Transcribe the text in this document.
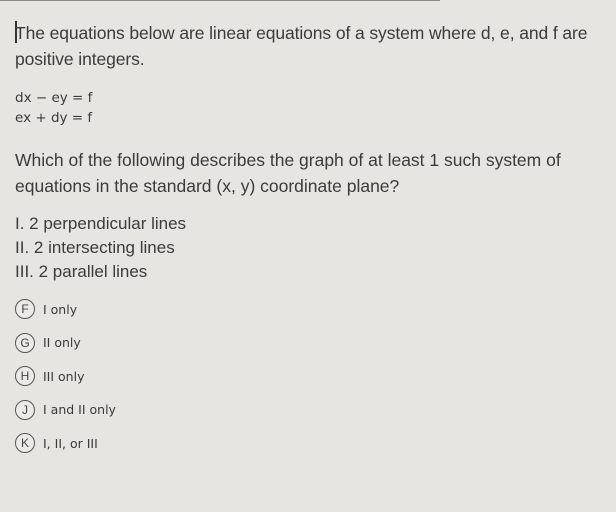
The equations below are linear equations of a system where d, e, and f are positive integers.

dx − ey = f

ex + dy = f

Which of the following describes the graph of at least 1 such system of equations in the standard (x, y) coordinate plane?

I. 2 perpendicular lines
II. 2 intersecting lines
III. 2 parallel lines
F	I only
G	II only
H	III only
J	I and II only
K	I, II, or III
